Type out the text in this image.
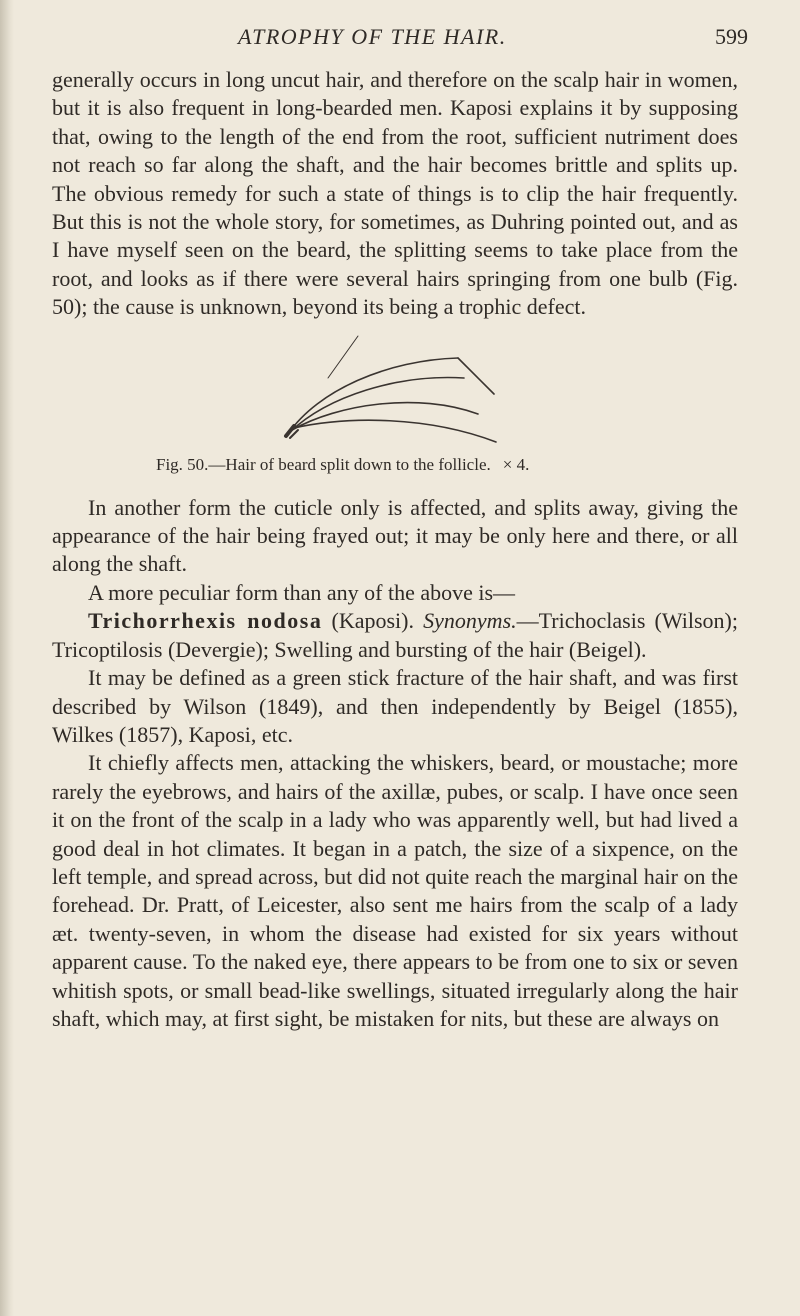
ATROPHY OF THE HAIR.	599

generally occurs in long uncut hair, and therefore on the scalp hair in women, but it is also frequent in long-bearded men. Kaposi explains it by supposing that, owing to the length of the end from the root, sufficient nutriment does not reach so far along the shaft, and the hair becomes brittle and splits up. The obvious remedy for such a state of things is to clip the hair frequently. But this is not the whole story, for sometimes, as Duhring pointed out, and as I have myself seen on the beard, the splitting seems to take place from the root, and looks as if there were several hairs springing from one bulb (Fig. 50); the cause is unknown, beyond its being a trophic defect.

Fig. 50.—Hair of beard split down to the follicle. × 4.

In another form the cuticle only is affected, and splits away, giving the appearance of the hair being frayed out; it may be only here and there, or all along the shaft.

A more peculiar form than any of the above is—

Trichorrhexis nodosa (Kaposi). Synonyms.—Trichoclasis (Wilson); Tricoptilosis (Devergie); Swelling and bursting of the hair (Beigel).

It may be defined as a green stick fracture of the hair shaft, and was first described by Wilson (1849), and then independently by Beigel (1855), Wilkes (1857), Kaposi, etc.

It chiefly affects men, attacking the whiskers, beard, or moustache; more rarely the eyebrows, and hairs of the axillæ, pubes, or scalp. I have once seen it on the front of the scalp in a lady who was apparently well, but had lived a good deal in hot climates. It began in a patch, the size of a sixpence, on the left temple, and spread across, but did not quite reach the marginal hair on the forehead. Dr. Pratt, of Leicester, also sent me hairs from the scalp of a lady æt. twenty-seven, in whom the disease had existed for six years without apparent cause. To the naked eye, there appears to be from one to six or seven whitish spots, or small bead-like swellings, situated irregularly along the hair shaft, which may, at first sight, be mistaken for nits, but these are always on
